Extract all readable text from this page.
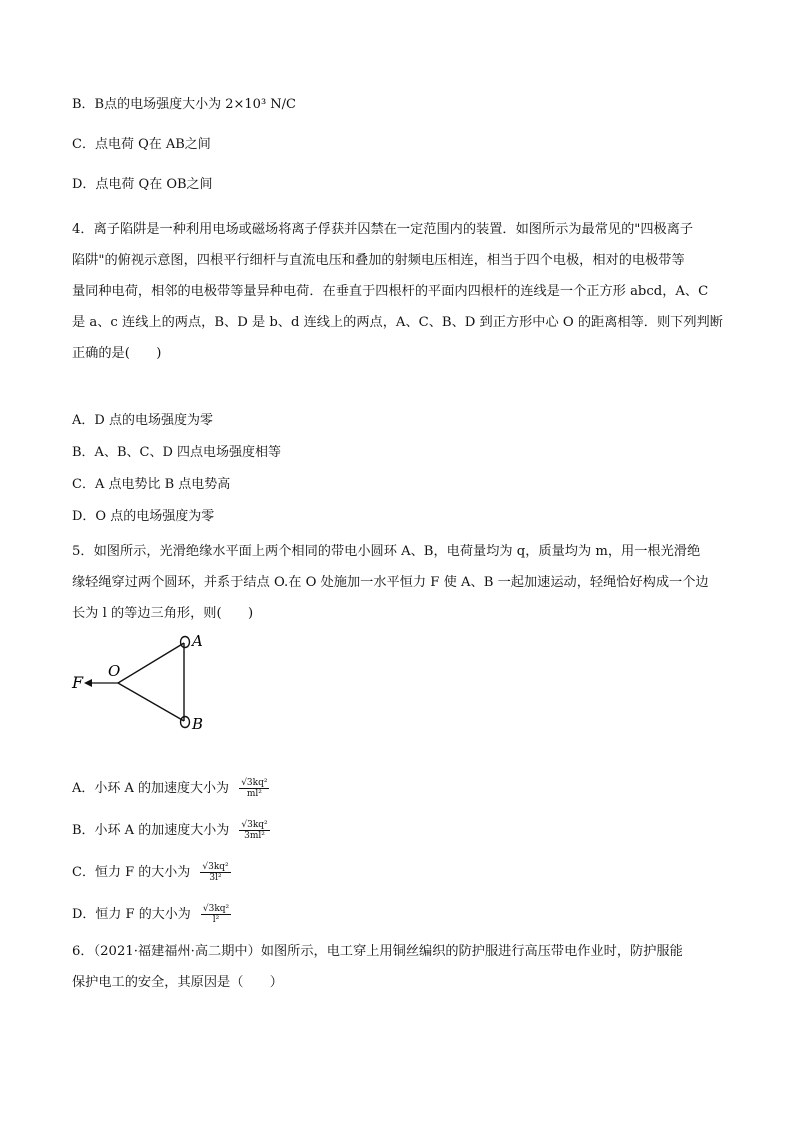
B．B点的电场强度大小为 2×10³ N/C
C．点电荷 Q在 AB之间
D．点电荷 Q在 OB之间
4．离子陷阱是一种利用电场或磁场将离子俘获并囚禁在一定范围内的装置．如图所示为最常见的"四极离子
陷阱"的俯视示意图，四根平行细杆与直流电压和叠加的射频电压相连，相当于四个电极，相对的电极带等
量同种电荷，相邻的电极带等量异种电荷．在垂直于四根杆的平面内四根杆的连线是一个正方形 abcd，A、C
是 a、c 连线上的两点，B、D 是 b、d 连线上的两点，A、C、B、D 到正方形中心 O 的距离相等．则下列判断
正确的是(　　)
A．D 点的电场强度为零
B．A、B、C、D 四点电场强度相等
C．A 点电势比 B 点电势高
D．O 点的电场强度为零
5．如图所示，光滑绝缘水平面上两个相同的带电小圆环 A、B，电荷量均为 q，质量均为 m，用一根光滑绝
缘轻绳穿过两个圆环，并系于结点 O.在 O 处施加一水平恒力 F 使 A、B 一起加速运动，轻绳恰好构成一个边
长为 l 的等边三角形，则(　　)
F
O
A
B
A．小环 A 的加速度大小为 $\frac{\text{√3kq²}}{\text{ml²}}$
B．小环 A 的加速度大小为 $\frac{\text{√3kq²}}{\text{3ml²}}$
C．恒力 F 的大小为 $\frac{\text{√3kq²}}{\text{3l²}}$
D．恒力 F 的大小为 $\frac{\text{√3kq²}}{\text{l²}}$
6．（2021·福建福州·高二期中）如图所示，电工穿上用铜丝编织的防护服进行高压带电作业时，防护服能
保护电工的安全，其原因是（　　）
